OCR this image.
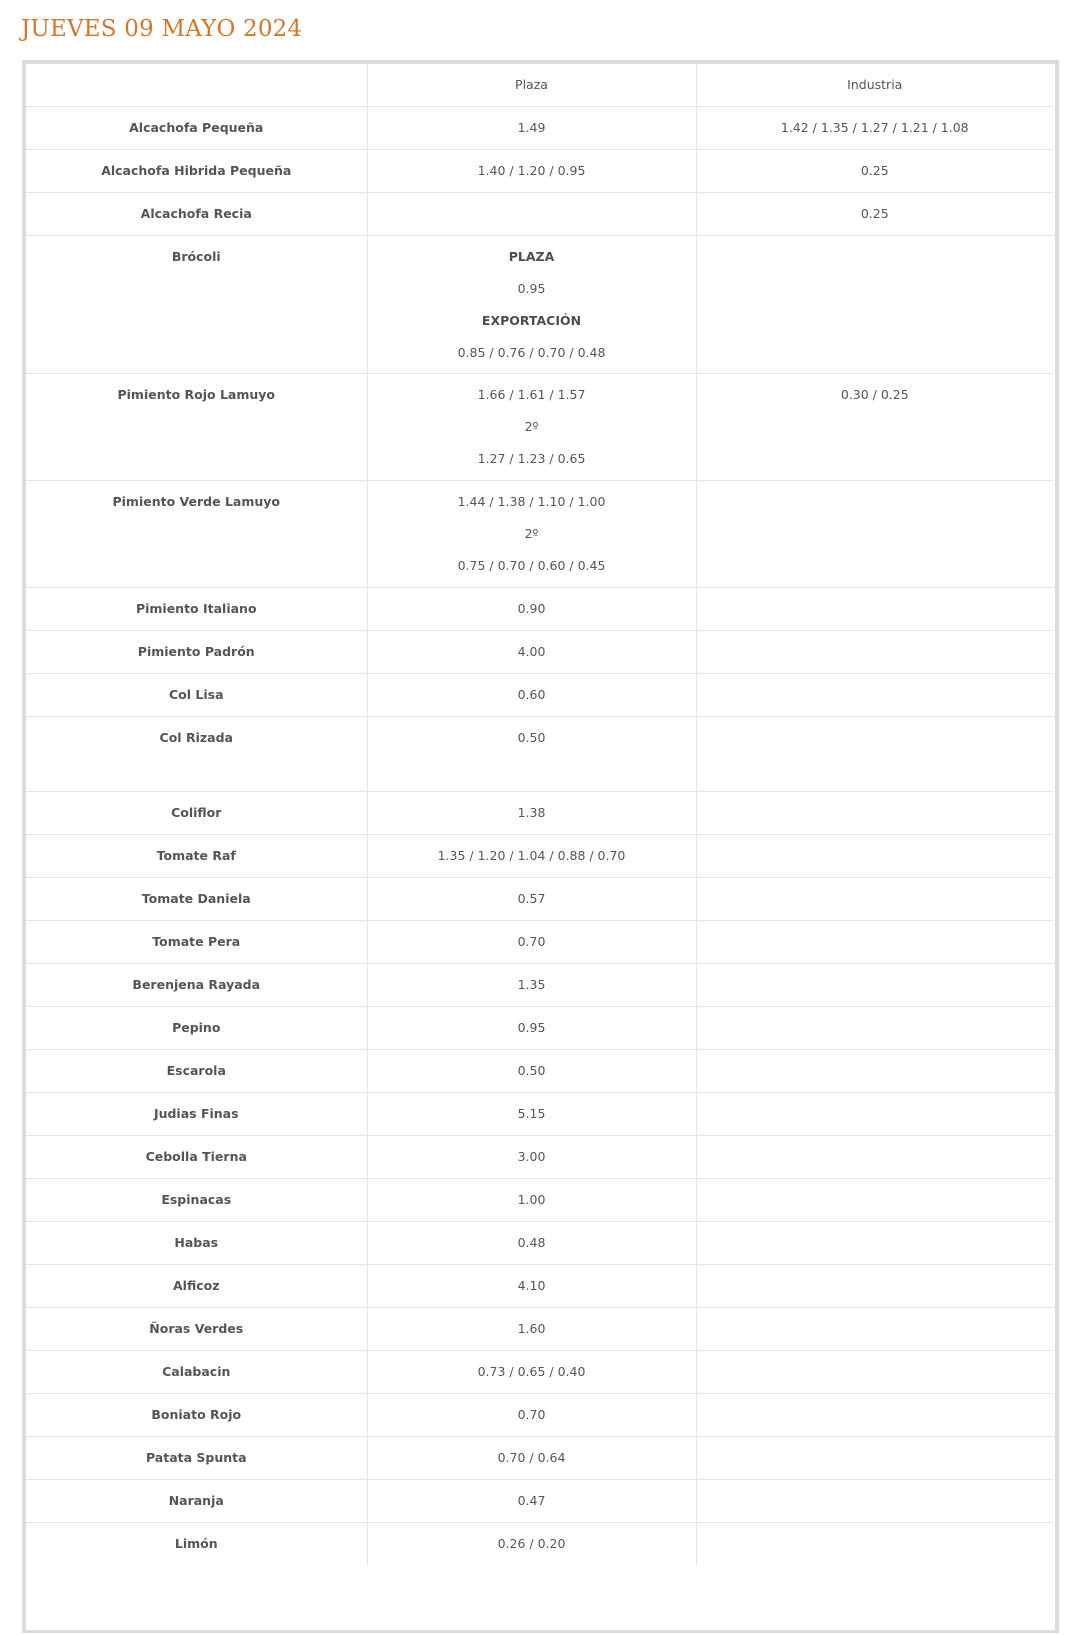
JUEVES 09 MAYO 2024
	Plaza	Industria
Alcachofa Pequeña	1.49	1.42 / 1.35 / 1.27 / 1.21 / 1.08
Alcachofa Hibrida Pequeña	1.40 / 1.20 / 0.95	0.25
Alcachofa Recia		0.25
Brócoli	PLAZA
0.95
EXPORTACIÓN
0.85 / 0.76 / 0.70 / 0.48	

Pimiento Rojo Lamuyo	1.66 / 1.61 / 1.57
2º
1.27 / 1.23 / 0.65	0.30 / 0.25
Pimiento Verde Lamuyo	1.44 / 1.38 / 1.10 / 1.00
2º
0.75 / 0.70 / 0.60 / 0.45	

Pimiento Italiano	0.90	

Pimiento Padrón	4.00	

Col Lisa	0.60	

Col Rizada	0.50	

Coliflor	1.38	

Tomate Raf	1.35 / 1.20 / 1.04 / 0.88 / 0.70	

Tomate Daniela	0.57	

Tomate Pera	0.70	

Berenjena Rayada	1.35	

Pepino	0.95	

Escarola	0.50	

Judias Finas	5.15	

Cebolla Tierna	3.00	

Espinacas	1.00	

Habas	0.48	

Alficoz	4.10	

Ñoras Verdes	1.60	

Calabacin	0.73 / 0.65 / 0.40	

Boniato Rojo	0.70	

Patata Spunta	0.70 / 0.64	

Naranja	0.47	

Limón	0.26 / 0.20	
